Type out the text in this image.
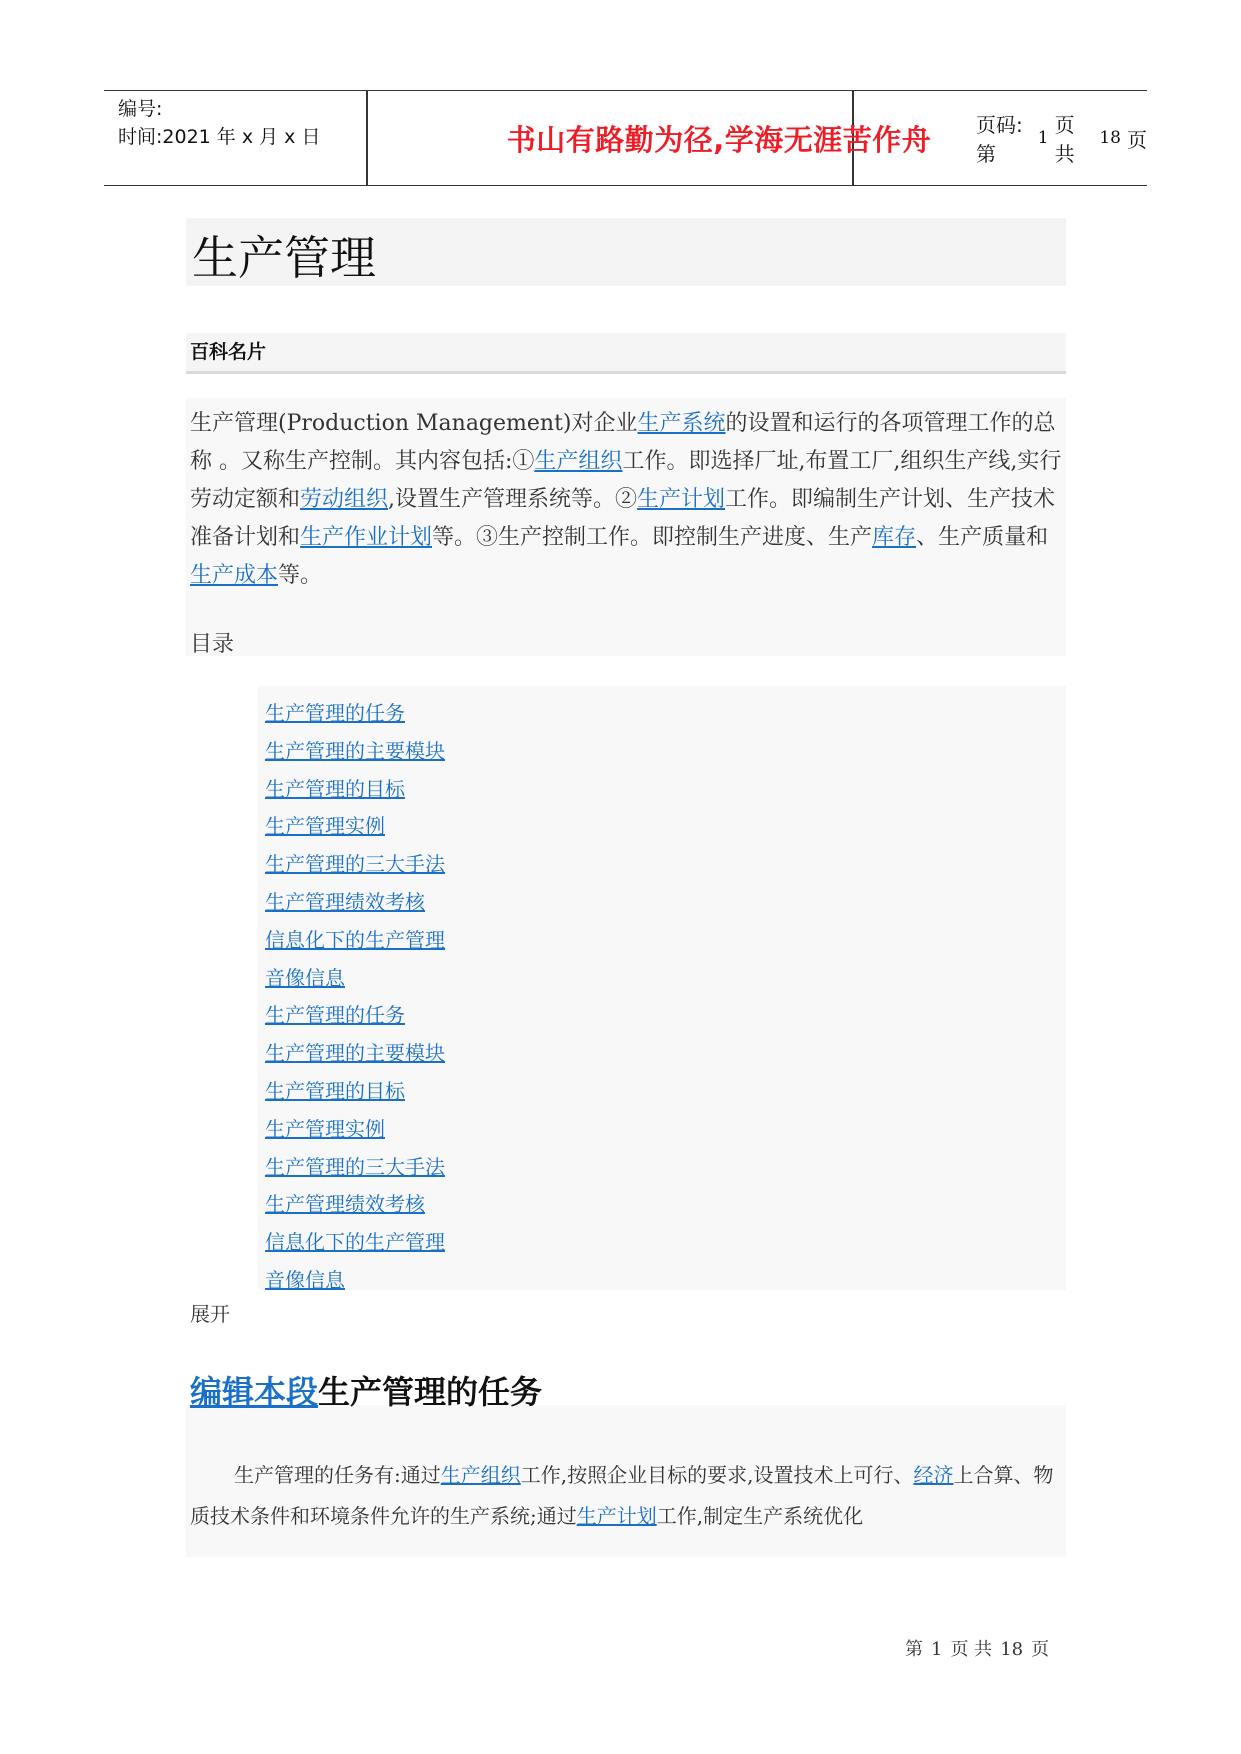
编号:
时间:2021 年 x 月 x 日	书山有路勤为径,学海无涯苦作舟	页码:第
1
页 共
18 页
生产管理
百科名片
生产管理(Production Management)对企业生产系统的设置和运行的各项管理工作的总称 。又称生产控制。其内容包括:①生产组织工作。即选择厂址,布置工厂,组织生产线,实行劳动定额和劳动组织,设置生产管理系统等。②生产计划工作。即编制生产计划、生产技术准备计划和生产作业计划等。③生产控制工作。即控制生产进度、生产库存、生产质量和生产成本等。
目录
生产管理的任务
生产管理的主要模块
生产管理的目标
生产管理实例
生产管理的三大手法
生产管理绩效考核
信息化下的生产管理
音像信息
生产管理的任务
生产管理的主要模块
生产管理的目标
生产管理实例
生产管理的三大手法
生产管理绩效考核
信息化下的生产管理
音像信息
展开
编辑本段生产管理的任务
生产管理的任务有:通过生产组织工作,按照企业目标的要求,设置技术上可行、经济上合算、物质技术条件和环境条件允许的生产系统;通过生产计划工作,制定生产系统优化
第 1 页 共 18 页
